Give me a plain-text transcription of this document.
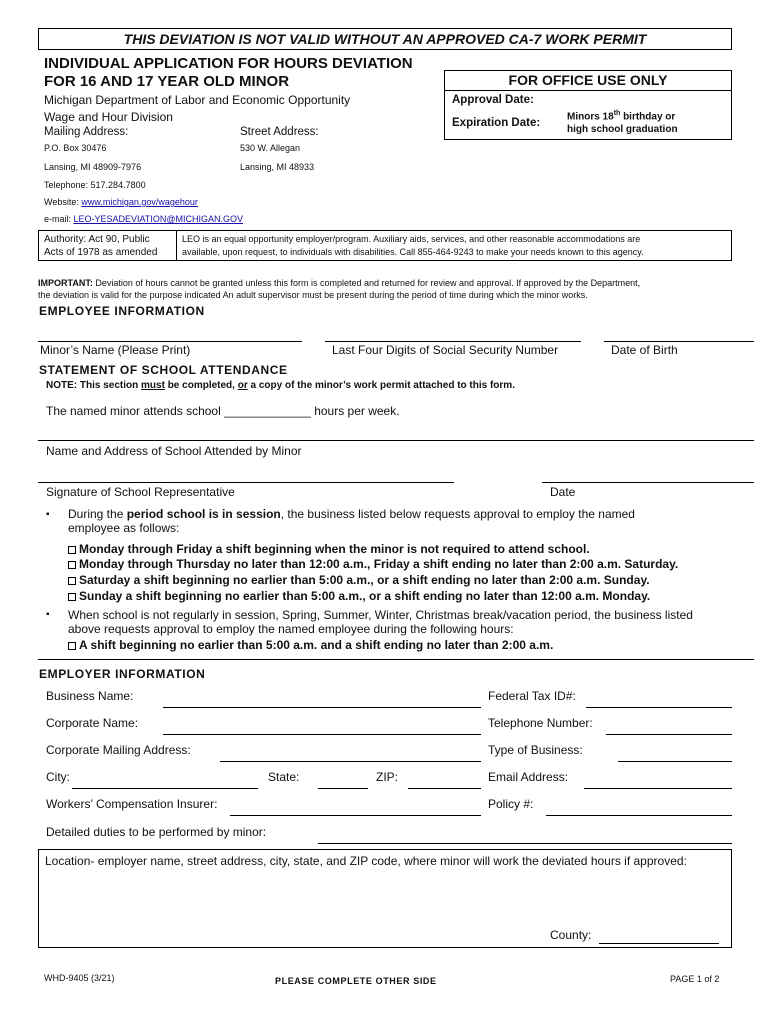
THIS DEVIATION IS NOT VALID WITHOUT AN APPROVED CA-7 WORK PERMIT
INDIVIDUAL APPLICATION FOR HOURS DEVIATION
FOR 16 AND 17 YEAR OLD MINOR
Michigan Department of Labor and Economic Opportunity
Wage and Hour Division
Mailing Address:	Street Address:
P.O. Box 30476	530 W. Allegan
Lansing, MI 48909-7976	Lansing, MI 48933
Telephone: 517.284.7800
Website: www.michigan.gov/wagehour
e-mail: LEO-YESADEVIATION@MICHIGAN.GOV
FOR OFFICE USE ONLY
Approval Date:
Expiration Date:
Minors 18th birthday or
high school graduation
Authority: Act 90, Public
Acts of 1978 as amended
LEO is an equal opportunity employer/program. Auxiliary aids, services, and other reasonable accommodations are
available, upon request, to individuals with disabilities. Call 855-464-9243 to make your needs known to this agency.
IMPORTANT: Deviation of hours cannot be granted unless this form is completed and returned for review and approval. If approved by the Department,
the deviation is valid for the purpose indicated An adult supervisor must be present during the period of time during which the minor works.
EMPLOYEE INFORMATION
Minor’s Name (Please Print)	Last Four Digits of Social Security Number	Date of Birth
STATEMENT OF SCHOOL ATTENDANCE
NOTE: This section must be completed, or a copy of the minor’s work permit attached to this form.
The named minor attends school _____________ hours per week.
Name and Address of School Attended by Minor
Signature of School Representative	Date
▪ During the period school is in session, the business listed below requests approval to employ the named
employee as follows:
Monday through Friday a shift beginning when the minor is not required to attend school.
Monday through Thursday no later than 12:00 a.m., Friday a shift ending no later than 2:00 a.m. Saturday.
Saturday a shift beginning no earlier than 5:00 a.m., or a shift ending no later than 2:00 a.m. Sunday.
Sunday a shift beginning no earlier than 5:00 a.m., or a shift ending no later than 12:00 a.m. Monday.
▪ When school is not regularly in session, Spring, Summer, Winter, Christmas break/vacation period, the business listed
above requests approval to employ the named employee during the following hours:
A shift beginning no earlier than 5:00 a.m. and a shift ending no later than 2:00 a.m.
EMPLOYER INFORMATION
Business Name:	Federal Tax ID#:
Corporate Name:	Telephone Number:
Corporate Mailing Address:	Type of Business:
City:	State:	ZIP:	Email Address:
Workers’ Compensation Insurer:	Policy #:
Detailed duties to be performed by minor:
Location- employer name, street address, city, state, and ZIP code, where minor will work the deviated hours if approved:
County:
WHD-9405 (3/21)	PLEASE COMPLETE OTHER SIDE	PAGE 1 of 2
